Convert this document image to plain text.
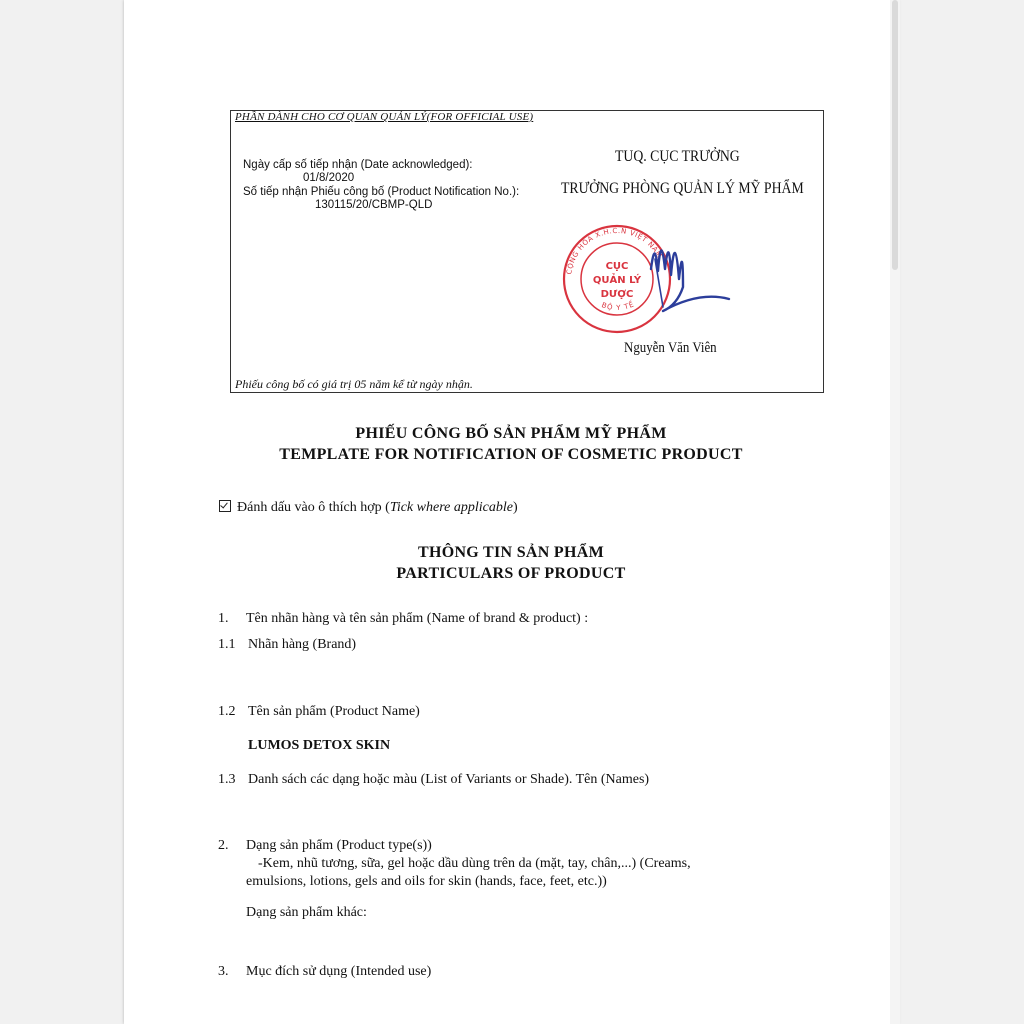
PHẦN DÀNH CHO CƠ QUAN QUẢN LÝ(FOR OFFICIAL USE)
Ngày cấp số tiếp nhận (Date acknowledged):
01/8/2020
Số tiếp nhận Phiếu công bố (Product Notification No.):
130115/20/CBMP-QLD
TUQ. CỤC TRƯỞNG
TRƯỞNG PHÒNG QUẢN LÝ MỸ PHẨM
CỘNG HÒA X.H.C.N VIỆT NAM
BỘ Y TẾ
CỤC
QUẢN LÝ
DƯỢC
Nguyễn Văn Viên
Phiếu công bố có giá trị 05 năm kể từ ngày nhận.
PHIẾU CÔNG BỐ SẢN PHẨM MỸ PHẨM
TEMPLATE FOR NOTIFICATION OF COSMETIC PRODUCT
Đánh dấu vào ô thích hợp (Tick where applicable)
THÔNG TIN SẢN PHẨM
PARTICULARS OF PRODUCT
1. Tên nhãn hàng và tên sản phẩm (Name of brand & product) :
1.1 Nhãn hàng (Brand)
1.2 Tên sản phẩm (Product Name)
LUMOS DETOX SKIN
1.3 Danh sách các dạng hoặc màu (List of Variants or Shade). Tên (Names)
2. Dạng sản phẩm (Product type(s))
-Kem, nhũ tương, sữa, gel hoặc dầu dùng trên da (mặt, tay, chân,...) (Creams,
emulsions, lotions, gels and oils for skin (hands, face, feet, etc.))
Dạng sản phẩm khác:
3. Mục đích sử dụng (Intended use)
